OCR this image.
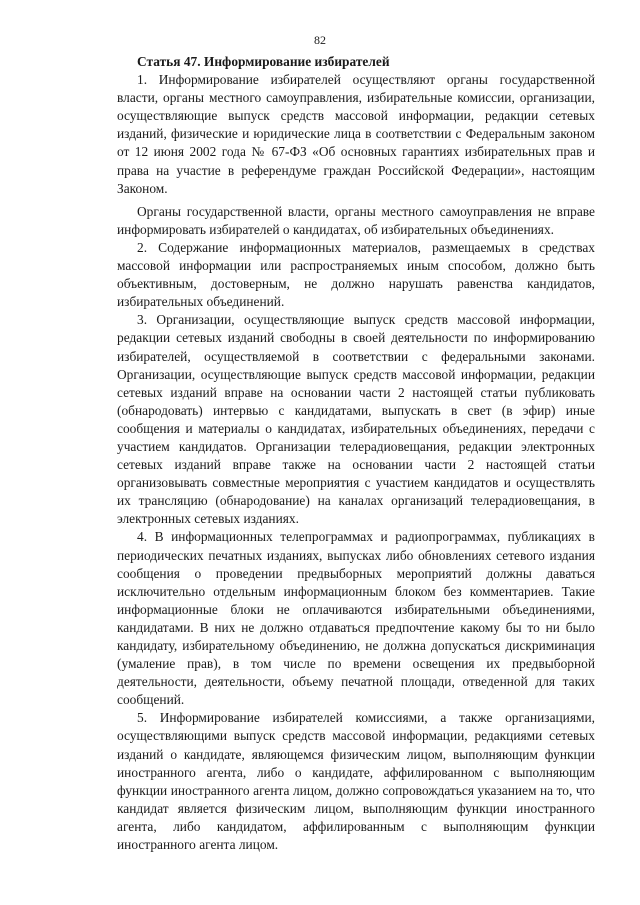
82
Статья 47. Информирование избирателей

1. Информирование избирателей осуществляют органы государственной власти, органы местного самоуправления, избирательные комиссии, организации, осуществляющие выпуск средств массовой информации, редакции сетевых изданий, физические и юридические лица в соответствии с Федеральным законом от 12 июня 2002 года № 67-ФЗ «Об основных гарантиях избирательных прав и права на участие в референдуме граждан Российской Федерации», настоящим Законом.

Органы государственной власти, органы местного самоуправления не вправе информировать избирателей о кандидатах, об избирательных объединениях.

2. Содержание информационных материалов, размещаемых в средствах массовой информации или распространяемых иным способом, должно быть объективным, достоверным, не должно нарушать равенства кандидатов, избирательных объединений.

3. Организации, осуществляющие выпуск средств массовой информации, редакции сетевых изданий свободны в своей деятельности по информированию избирателей, осуществляемой в соответствии с федеральными законами. Организации, осуществляющие выпуск средств массовой информации, редакции сетевых изданий вправе на основании части 2 настоящей статьи публиковать (обнародовать) интервью с кандидатами, выпускать в свет (в эфир) иные сообщения и материалы о кандидатах, избирательных объединениях, передачи с участием кандидатов. Организации телерадиовещания, редакции электронных сетевых изданий вправе также на основании части 2 настоящей статьи организовывать совместные мероприятия с участием кандидатов и осуществлять их трансляцию (обнародование) на каналах организаций телерадиовещания, в электронных сетевых изданиях.

4. В информационных телепрограммах и радиопрограммах, публикациях в периодических печатных изданиях, выпусках либо обновлениях сетевого издания сообщения о проведении предвыборных мероприятий должны даваться исключительно отдельным информационным блоком без комментариев. Такие информационные блоки не оплачиваются избирательными объединениями, кандидатами. В них не должно отдаваться предпочтение какому бы то ни было кандидату, избирательному объединению, не должна допускаться дискриминация (умаление прав), в том числе по времени освещения их предвыборной деятельности, деятельности, объему печатной площади, отведенной для таких сообщений.

5. Информирование избирателей комиссиями, а также организациями, осуществляющими выпуск средств массовой информации, редакциями сетевых изданий о кандидате, являющемся физическим лицом, выполняющим функции иностранного агента, либо о кандидате, аффилированном с выполняющим функции иностранного агента лицом, должно сопровождаться указанием на то, что кандидат является физическим лицом, выполняющим функции иностранного агента, либо кандидатом, аффилированным с выполняющим функции иностранного агента лицом.
